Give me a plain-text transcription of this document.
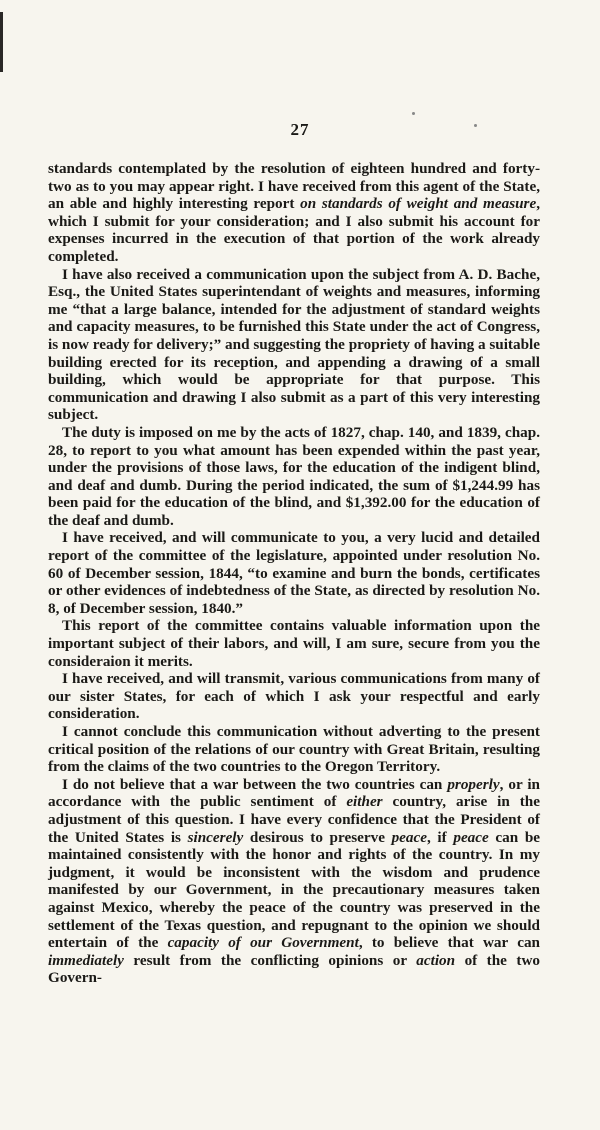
27

standards contemplated by the resolution of eighteen hundred and forty-two as to you may appear right. I have received from this agent of the State, an able and highly interesting report on standards of weight and measure, which I submit for your consideration; and I also submit his account for expenses incurred in the execution of that portion of the work already completed.

I have also received a communication upon the subject from A. D. Bache, Esq., the United States superintendant of weights and measures, informing me “that a large balance, intended for the adjustment of standard weights and capacity measures, to be furnished this State under the act of Congress, is now ready for delivery;” and suggesting the propriety of having a suitable building erected for its reception, and appending a drawing of a small building, which would be appropriate for that purpose. This communication and drawing I also submit as a part of this very interesting subject.

The duty is imposed on me by the acts of 1827, chap. 140, and 1839, chap. 28, to report to you what amount has been expended within the past year, under the provisions of those laws, for the education of the indigent blind, and deaf and dumb. During the period indicated, the sum of $1,244.99 has been paid for the education of the blind, and $1,392.00 for the education of the deaf and dumb.

I have received, and will communicate to you, a very lucid and detailed report of the committee of the legislature, appointed under resolution No. 60 of December session, 1844, “to examine and burn the bonds, certificates or other evidences of indebtedness of the State, as directed by resolution No. 8, of December session, 1840.”

This report of the committee contains valuable information upon the important subject of their labors, and will, I am sure, secure from you the consideraion it merits.

I have received, and will transmit, various communications from many of our sister States, for each of which I ask your respectful and early consideration.

I cannot conclude this communication without adverting to the present critical position of the relations of our country with Great Britain, resulting from the claims of the two countries to the Oregon Territory.

I do not believe that a war between the two countries can properly, or in accordance with the public sentiment of either country, arise in the adjustment of this question. I have every confidence that the President of the United States is sincerely desirous to preserve peace, if peace can be maintained consistently with the honor and rights of the country. In my judgment, it would be inconsistent with the wisdom and prudence manifested by our Government, in the precautionary measures taken against Mexico, whereby the peace of the country was preserved in the settlement of the Texas question, and repugnant to the opinion we should entertain of the capacity of our Government, to believe that war can immediately result from the conflicting opinions or action of the two Govern-
